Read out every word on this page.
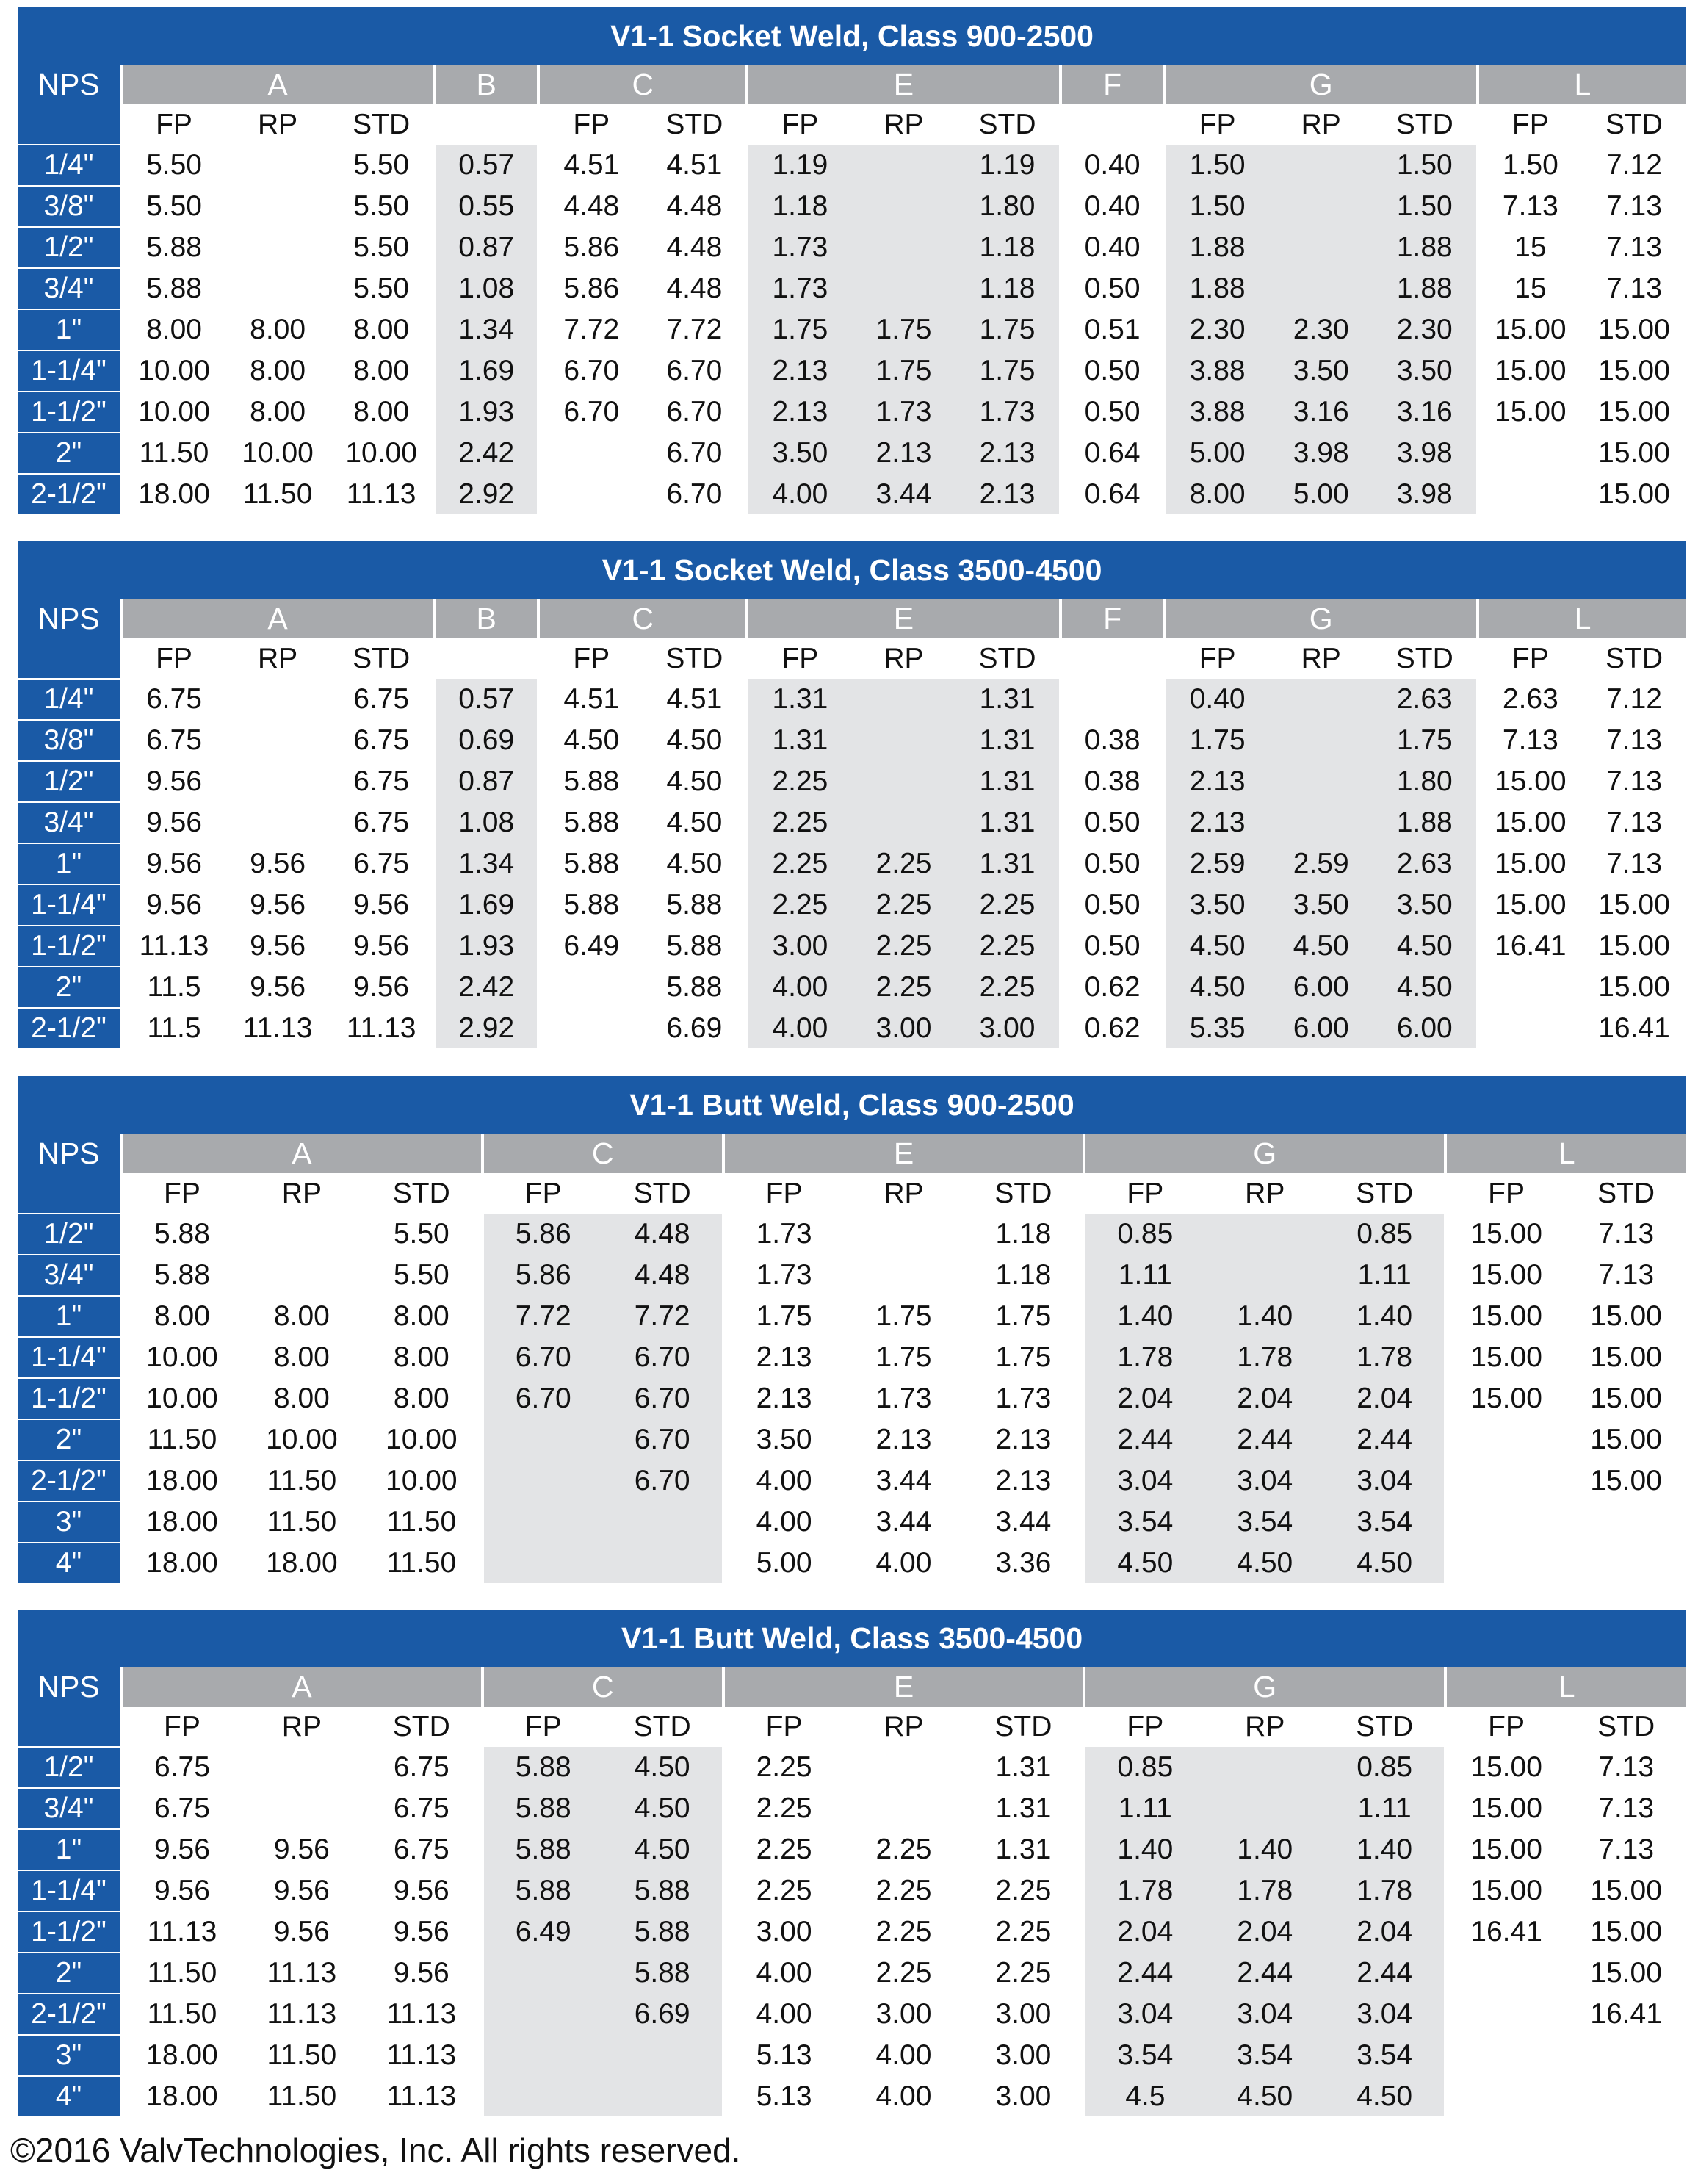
V1-1 Socket Weld, Class 900-2500															
NPS	A			B	C		E			F	G			L	
	FP	RP	STD		FP	STD	FP	RP	STD		FP	RP	STD	FP	STD
1/4"	5.50		5.50	0.57	4.51	4.51	1.19		1.19	0.40	1.50		1.50	1.50	7.12
3/8"	5.50		5.50	0.55	4.48	4.48	1.18		1.80	0.40	1.50		1.50	7.13	7.13
1/2"	5.88		5.50	0.87	5.86	4.48	1.73		1.18	0.40	1.88		1.88	15	7.13
3/4"	5.88		5.50	1.08	5.86	4.48	1.73		1.18	0.50	1.88		1.88	15	7.13
1"	8.00	8.00	8.00	1.34	7.72	7.72	1.75	1.75	1.75	0.51	2.30	2.30	2.30	15.00	15.00
1-1/4"	10.00	8.00	8.00	1.69	6.70	6.70	2.13	1.75	1.75	0.50	3.88	3.50	3.50	15.00	15.00
1-1/2"	10.00	8.00	8.00	1.93	6.70	6.70	2.13	1.73	1.73	0.50	3.88	3.16	3.16	15.00	15.00
2"	11.50	10.00	10.00	2.42		6.70	3.50	2.13	2.13	0.64	5.00	3.98	3.98		15.00
2-1/2"	18.00	11.50	11.13	2.92		6.70	4.00	3.44	2.13	0.64	8.00	5.00	3.98		15.00
V1-1 Socket Weld, Class 3500-4500															
NPS	A			B	C		E			F	G			L	
	FP	RP	STD		FP	STD	FP	RP	STD		FP	RP	STD	FP	STD
1/4"	6.75		6.75	0.57	4.51	4.51	1.31		1.31		0.40		2.63	2.63	7.12
3/8"	6.75		6.75	0.69	4.50	4.50	1.31		1.31	0.38	1.75		1.75	7.13	7.13
1/2"	9.56		6.75	0.87	5.88	4.50	2.25		1.31	0.38	2.13		1.80	15.00	7.13
3/4"	9.56		6.75	1.08	5.88	4.50	2.25		1.31	0.50	2.13		1.88	15.00	7.13
1"	9.56	9.56	6.75	1.34	5.88	4.50	2.25	2.25	1.31	0.50	2.59	2.59	2.63	15.00	7.13
1-1/4"	9.56	9.56	9.56	1.69	5.88	5.88	2.25	2.25	2.25	0.50	3.50	3.50	3.50	15.00	15.00
1-1/2"	11.13	9.56	9.56	1.93	6.49	5.88	3.00	2.25	2.25	0.50	4.50	4.50	4.50	16.41	15.00
2"	11.5	9.56	9.56	2.42		5.88	4.00	2.25	2.25	0.62	4.50	6.00	4.50		15.00
2-1/2"	11.5	11.13	11.13	2.92		6.69	4.00	3.00	3.00	0.62	5.35	6.00	6.00		16.41
V1-1 Butt Weld, Class 900-2500													
NPS	A			C		E			G			L	
	FP	RP	STD	FP	STD	FP	RP	STD	FP	RP	STD	FP	STD
1/2"	5.88		5.50	5.86	4.48	1.73		1.18	0.85		0.85	15.00	7.13
3/4"	5.88		5.50	5.86	4.48	1.73		1.18	1.11		1.11	15.00	7.13
1"	8.00	8.00	8.00	7.72	7.72	1.75	1.75	1.75	1.40	1.40	1.40	15.00	15.00
1-1/4"	10.00	8.00	8.00	6.70	6.70	2.13	1.75	1.75	1.78	1.78	1.78	15.00	15.00
1-1/2"	10.00	8.00	8.00	6.70	6.70	2.13	1.73	1.73	2.04	2.04	2.04	15.00	15.00
2"	11.50	10.00	10.00		6.70	3.50	2.13	2.13	2.44	2.44	2.44		15.00
2-1/2"	18.00	11.50	10.00		6.70	4.00	3.44	2.13	3.04	3.04	3.04		15.00
3"	18.00	11.50	11.50			4.00	3.44	3.44	3.54	3.54	3.54		
4"	18.00	18.00	11.50			5.00	4.00	3.36	4.50	4.50	4.50		
V1-1 Butt Weld, Class 3500-4500													
NPS	A			C		E			G			L	
	FP	RP	STD	FP	STD	FP	RP	STD	FP	RP	STD	FP	STD
1/2"	6.75		6.75	5.88	4.50	2.25		1.31	0.85		0.85	15.00	7.13
3/4"	6.75		6.75	5.88	4.50	2.25		1.31	1.11		1.11	15.00	7.13
1"	9.56	9.56	6.75	5.88	4.50	2.25	2.25	1.31	1.40	1.40	1.40	15.00	7.13
1-1/4"	9.56	9.56	9.56	5.88	5.88	2.25	2.25	2.25	1.78	1.78	1.78	15.00	15.00
1-1/2"	11.13	9.56	9.56	6.49	5.88	3.00	2.25	2.25	2.04	2.04	2.04	16.41	15.00
2"	11.50	11.13	9.56		5.88	4.00	2.25	2.25	2.44	2.44	2.44		15.00
2-1/2"	11.50	11.13	11.13		6.69	4.00	3.00	3.00	3.04	3.04	3.04		16.41
3"	18.00	11.50	11.13			5.13	4.00	3.00	3.54	3.54	3.54		
4"	18.00	11.50	11.13			5.13	4.00	3.00	4.5	4.50	4.50		
©2016 ValvTechnologies, Inc. All rights reserved.
